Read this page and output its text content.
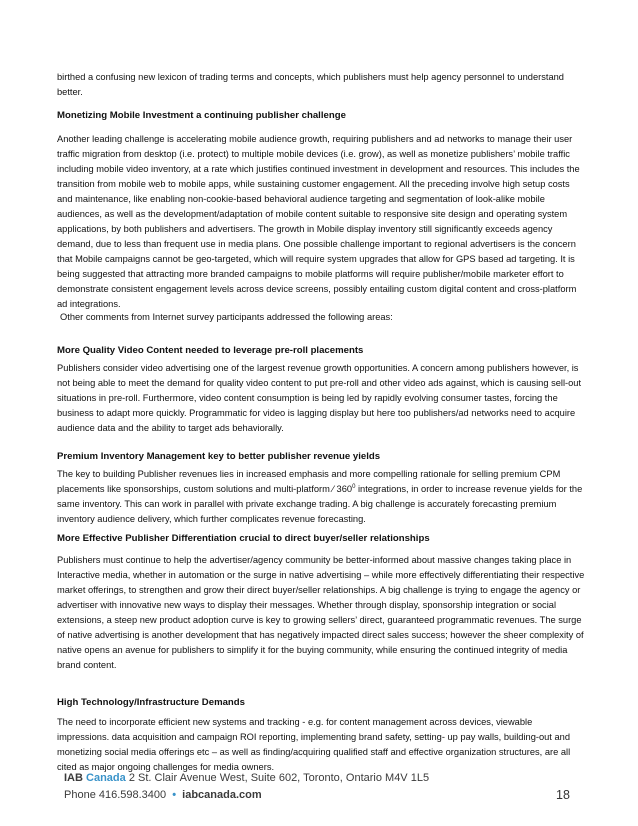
birthed a confusing new lexicon of trading terms and concepts, which publishers must help agency personnel to understand better.

Monetizing Mobile Investment a continuing publisher challenge

Another leading challenge is accelerating mobile audience growth, requiring publishers and ad networks to manage their user traffic migration from desktop (i.e. protect) to multiple mobile devices (i.e. grow), as well as monetize publishers’ mobile traffic including mobile video inventory, at a rate which justifies continued investment in development and resources. This includes the transition from mobile web to mobile apps, while sustaining customer engagement. All the preceding involve high setup costs and maintenance, like enabling non-cookie-based behavioral audience targeting and segmentation of look-alike mobile audiences, as well as the development/adaptation of mobile content suitable to responsive site design and operating system applications, by both publishers and advertisers. The growth in Mobile display inventory still significantly exceeds agency demand, due to less than frequent use in media plans. One possible challenge important to regional advertisers is the concern that Mobile campaigns cannot be geo-targeted, which will require system upgrades that allow for GPS based ad targeting. It is being suggested that attracting more branded campaigns to mobile platforms will require publisher/mobile marketer effort to demonstrate consistent engagement levels across device screens, possibly entailing custom digital content and cross-platform ad integrations.

Other comments from Internet survey participants addressed the following areas:

More Quality Video Content needed to leverage pre-roll placements

Publishers consider video advertising one of the largest revenue growth opportunities. A concern among publishers however, is not being able to meet the demand for quality video content to put pre-roll and other video ads against, which is causing sell-out situations in pre-roll. Furthermore, video content consumption is being led by rapidly evolving consumer tastes, forcing the business to adapt more quickly. Programmatic for video is lagging display but here too publishers/ad networks need to acquire audience data and the ability to target ads behaviorally.

Premium Inventory Management key to better publisher revenue yields

The key to building Publisher revenues lies in increased emphasis and more compelling rationale for selling premium CPM placements like sponsorships, custom solutions and multi-platform ⁄ $360^0$ integrations, in order to increase revenue yields for the same inventory. This can work in parallel with private exchange trading. A big challenge is accurately forecasting premium inventory audience delivery, which further complicates revenue forecasting.

More Effective Publisher Differentiation crucial to direct buyer/seller relationships

Publishers must continue to help the advertiser/agency community be better-informed about massive changes taking place in Interactive media, whether in automation or the surge in native advertising – while more effectively differentiating their respective market offerings, to strengthen and grow their direct buyer/seller relationships. A big challenge is trying to engage the agency or advertiser with innovative new ways to display their messages. Whether through display, sponsorship integration or social extensions, a steep new product adoption curve is key to growing sellers’ direct, guaranteed programmatic revenues. The surge of native advertising is another development that has negatively impacted direct sales success; however the sheer complexity of native opens an avenue for publishers to simplify it for the buying community, while ensuring the continued integrity of media brand content.

High Technology/Infrastructure Demands

The need to incorporate efficient new systems and tracking - e.g. for content management across devices, viewable impressions. data acquisition and campaign ROI reporting, implementing brand safety, setting- up pay walls, building-out and monetizing social media offerings etc – as well as finding/acquiring qualified staff and effective organization structures, are all cited as major ongoing challenges for media owners.

IAB Canada 2 St. Clair Avenue West, Suite 602, Toronto, Ontario M4V 1L5
Phone 416.598.3400 • iabcanada.com	18
